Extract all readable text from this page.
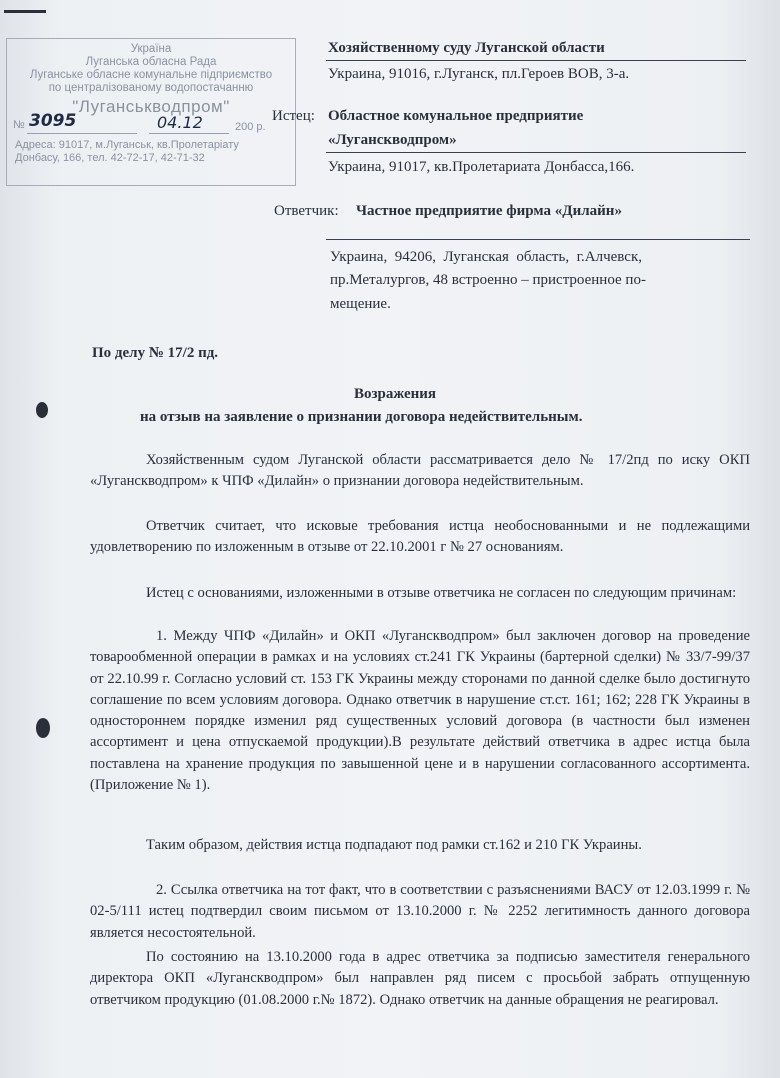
Україна
Луганська обласна Рада
Луганське обласне комунальне підприємство
по централізованому водопостачанню
"Луганськводпром"
№ 3095	04.12	200 р.
Адреса: 91017, м.Луганськ, кв.Пролетаріату
Донбасу, 166, тел. 42-72-17, 42-71-32
Хозяйственному суду Луганской области
Украина, 91016, г.Луганск, пл.Героев ВОВ, 3-а.
Истец: Областное комунальное предприятие
«Луганскводпром»
Украина, 91017, кв.Пролетариата Донбасса,166.
Ответчик: Частное предприятие фирма «Дилайн»
Украина,  94206,  Луганская  область,  г.Алчевск,
пр.Металургов, 48 встроенно – пристроенное по-
мещение.
По делу № 17/2 пд.
Возражения
на отзыв на заявление о признании договора недействительным.
Хозяйственным судом Луганской области рассматривается дело № 17/2пд по иску ОКП «Луганскводпром» к ЧПФ «Дилайн» о признании договора недействительным.
Ответчик считает, что исковые требования истца необоснованными и не подлежащими удовлетворению по изложенным в отзыве от 22.10.2001 г № 27 основаниям.
Истец с основаниями, изложенными в отзыве ответчика не согласен по следующим причинам:
1. Между ЧПФ «Дилайн» и ОКП «Луганскводпром» был заключен договор на проведение товарообменной операции в рамках и на условиях ст.241 ГК Украины (бартерной сделки) № 33/7-99/37 от 22.10.99 г. Согласно условий ст. 153 ГК Украины между сторонами по данной сделке было достигнуто соглашение по всем условиям договора. Однако ответчик в нарушение ст.ст. 161; 162; 228 ГК Украины в одностороннем порядке изменил ряд существенных условий договора (в частности был изменен ассортимент и цена отпускаемой продукции).В результате действий ответчика в адрес истца была поставлена на хранение продукция по завышенной цене и в нарушении согласованного ассортимента. (Приложение № 1).
Таким образом, действия истца подпадают под рамки ст.162 и 210 ГК Украины.
2. Ссылка ответчика на тот факт, что в соответствии с разъяснениями ВАСУ от 12.03.1999 г. № 02-5/111 истец подтвердил своим письмом от 13.10.2000 г. № 2252 легитимность данного договора является несостоятельной.
По состоянию на 13.10.2000 года в адрес ответчика за подписью заместителя генерального директора ОКП «Луганскводпром» был направлен ряд писем с просьбой забрать отпущенную ответчиком продукцию (01.08.2000 г.№ 1872). Однако ответчик на данные обращения не реагировал.
